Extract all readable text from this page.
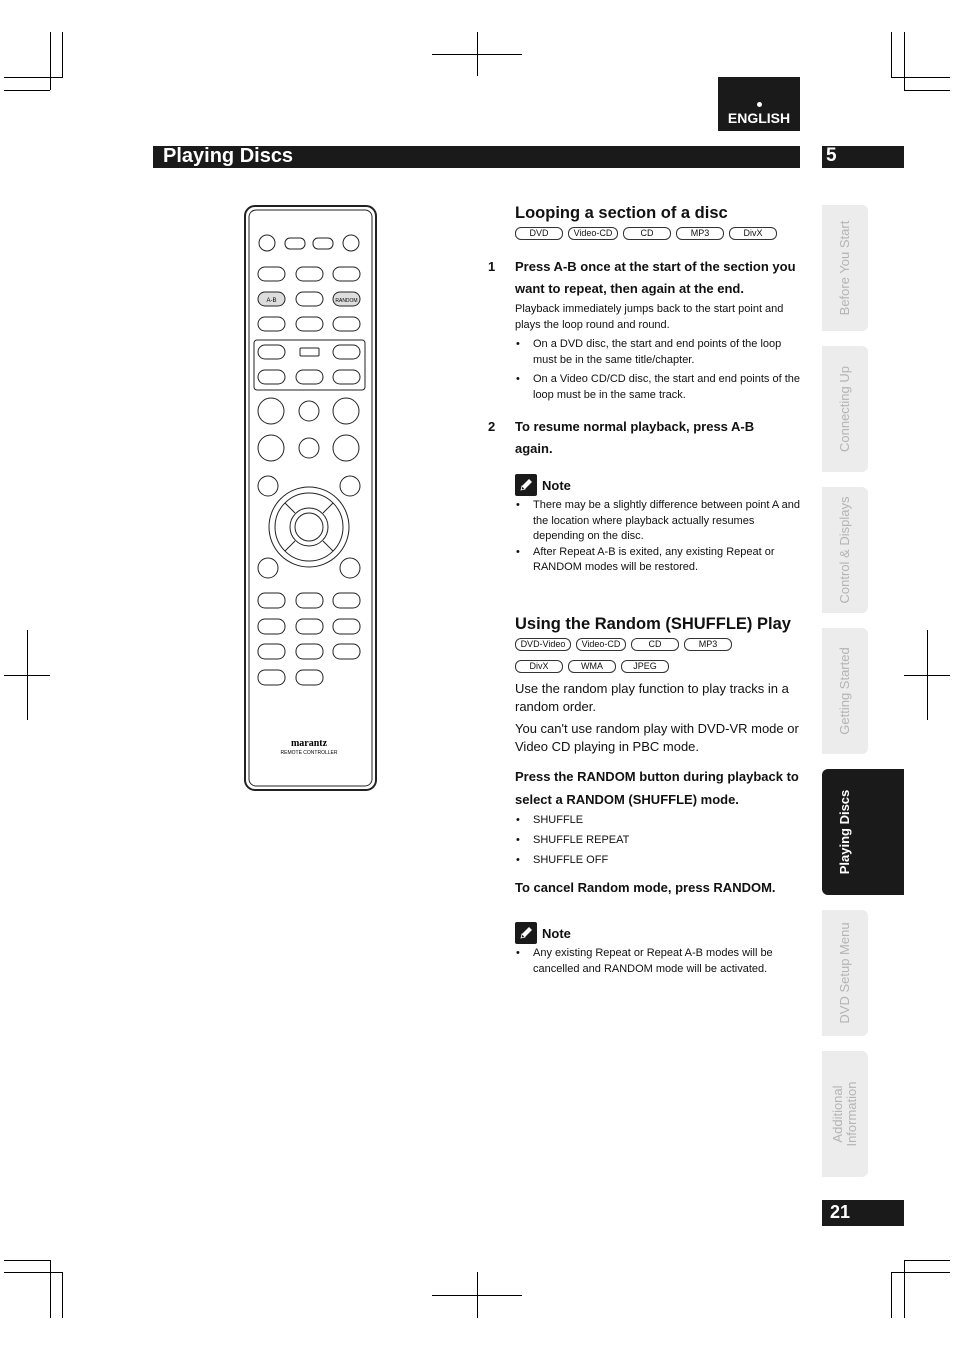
ENGLISH
Playing Discs	5
Before You Start
Connecting Up
Control & Displays
Getting Started
Playing Discs
DVD Setup Menu
Additional Information
21
A-B	RANDOM
marantz
REMOTE CONTROLLER
Looping a section of a disc
DVD	Video-CD	CD	MP3	DivX
1 Press A-B once at the start of the section you want to repeat, then again at the end.

Playback immediately jumps back to the start point and plays the loop round and round.

• On a DVD disc, the start and end points of the loop must be in the same title/chapter.
• On a Video CD/CD disc, the start and end points of the loop must be in the same track.
2 To resume normal playback, press A-B again.
Note
• There may be a slightly difference between point A and the location where playback actually resumes depending on the disc.
• After Repeat A-B is exited, any existing Repeat or RANDOM modes will be restored.
Using the Random (SHUFFLE) Play
DVD-Video	Video-CD	CD	MP3
DivX	WMA	JPEG
Use the random play function to play tracks in a random order.
You can't use random play with DVD-VR mode or Video CD playing in PBC mode.
Press the RANDOM button during playback to select a RANDOM (SHUFFLE) mode.
• SHUFFLE
• SHUFFLE REPEAT
• SHUFFLE OFF
To cancel Random mode, press RANDOM.
Note
• Any existing Repeat or Repeat A-B modes will be cancelled and RANDOM mode will be activated.
